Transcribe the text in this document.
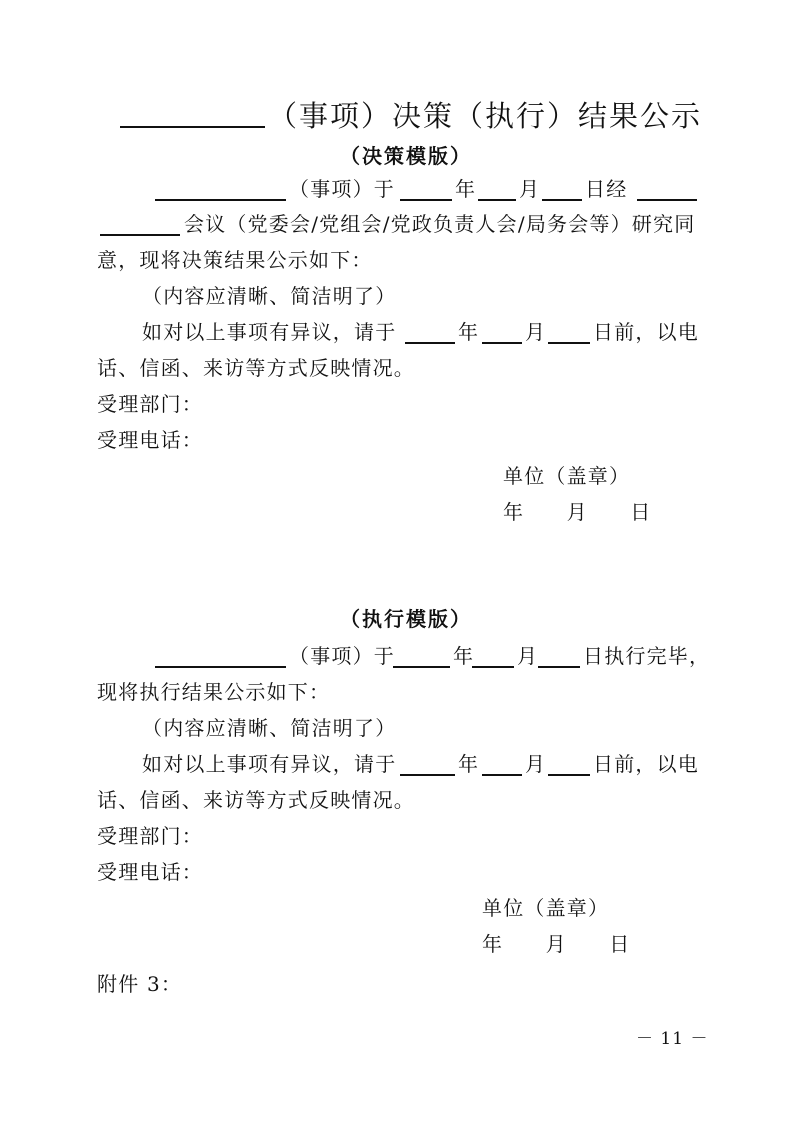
（事项）决策（执行）结果公示
（决策模版）
（事项）于	年 月 日经
会议（党委会/党组会/党政负责人会/局务会等）研究同
意，现将决策结果公示如下：
（内容应清晰、简洁明了）
如对以上事项有异议，请于	年 月 日前，以电
话、信函、来访等方式反映情况。
受理部门：
受理电话：
单位（盖章）
年　　月　　日
（执行模版）
（事项）于	年 月 日执行完毕，
现将执行结果公示如下：
（内容应清晰、简洁明了）
如对以上事项有异议，请于	年 月 日前，以电
话、信函、来访等方式反映情况。
受理部门：
受理电话：
单位（盖章）
年　　月　　日
附件 3：
－ 11 －
